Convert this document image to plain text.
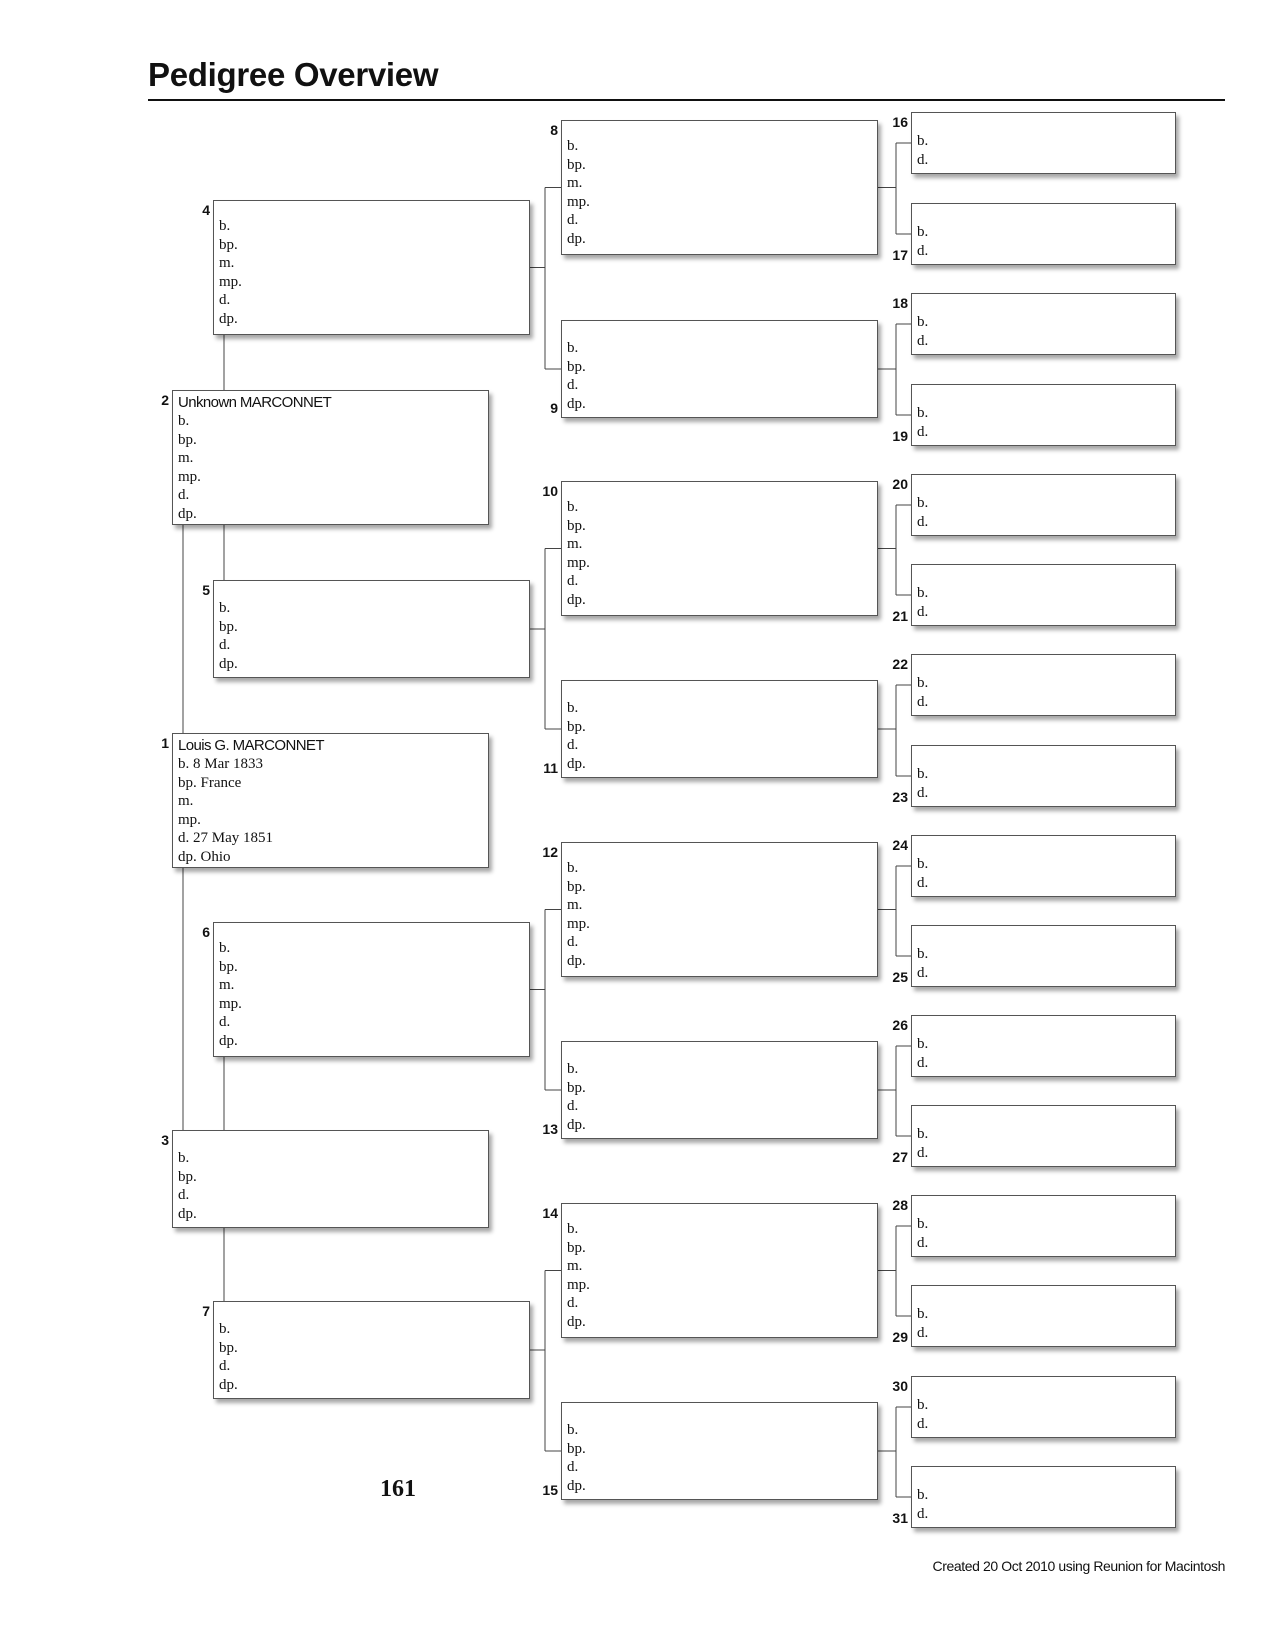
Pedigree Overview
Louis G. MARCONNET
b. 8 Mar 1833
bp. France
m.
mp.
d. 27 May 1851
dp. Ohio
1
Unknown MARCONNET
b.
bp.
m.
mp.
d.
dp.
2
b.
bp.
d.
dp.
3
b.
bp.
m.
mp.
d.
dp.
4
b.
bp.
d.
dp.
5
b.
bp.
m.
mp.
d.
dp.
6
b.
bp.
d.
dp.
7
b.
bp.
m.
mp.
d.
dp.
8
b.
bp.
d.
dp.
9
b.
bp.
m.
mp.
d.
dp.
10
b.
bp.
d.
dp.
11
b.
bp.
m.
mp.
d.
dp.
12
b.
bp.
d.
dp.
13
b.
bp.
m.
mp.
d.
dp.
14
b.
bp.
d.
dp.
15
b.
d.
16
b.
d.
17
b.
d.
18
b.
d.
19
b.
d.
20
b.
d.
21
b.
d.
22
b.
d.
23
b.
d.
24
b.
d.
25
b.
d.
26
b.
d.
27
b.
d.
28
b.
d.
29
b.
d.
30
b.
d.
31
161
Created 20 Oct 2010 using Reunion for Macintosh
